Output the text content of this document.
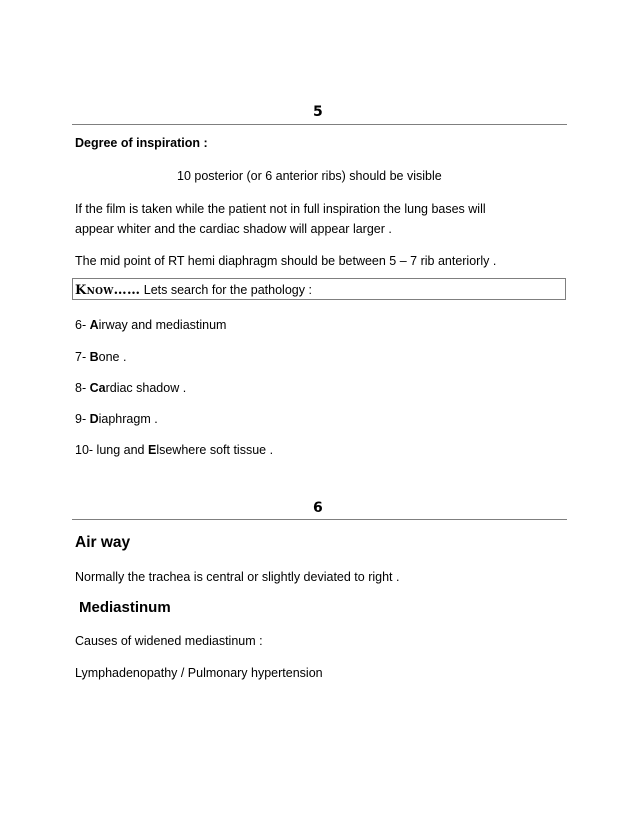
5
Degree of inspiration :
10 posterior (or 6 anterior ribs) should be visible
If the film is taken while the patient not in full inspiration the lung bases will
appear whiter and the cardiac shadow will appear larger .
The mid point of RT hemi diaphragm should be between 5 – 7 rib anteriorly .
Know…… Lets search for the pathology :
6- Airway and mediastinum
7- Bone .
8- Cardiac shadow .
9- Diaphragm .
10- lung and Elsewhere soft tissue .
6
Air way
Normally the trachea is central or slightly deviated to right .
Mediastinum
Causes of widened mediastinum :
Lymphadenopathy / Pulmonary hypertension
